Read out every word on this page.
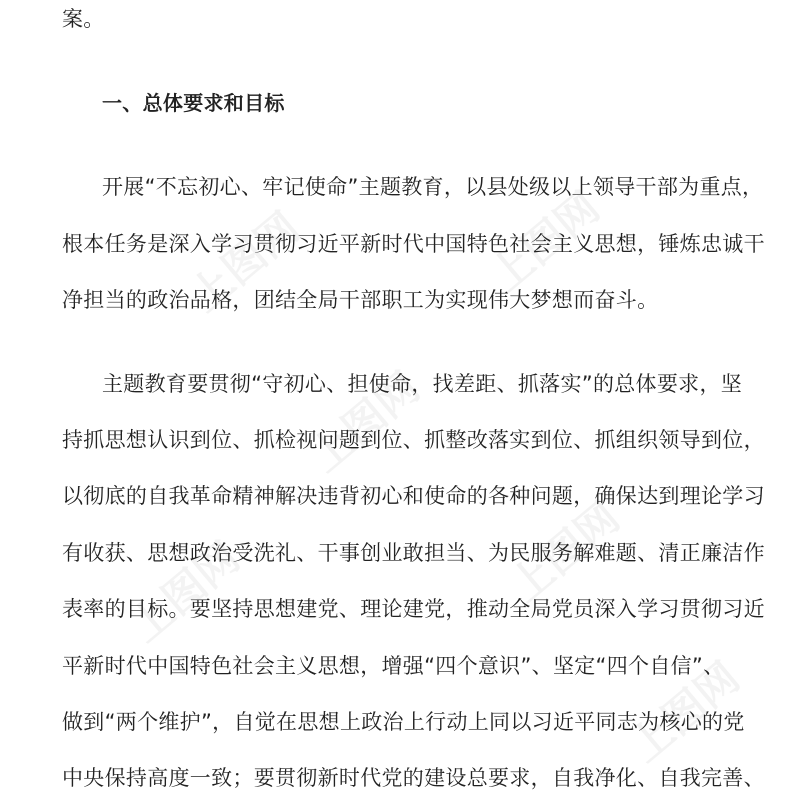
上图网	上图网
上图网
上图网	上图网
上图网
案。
一、总体要求和目标
开展“不忘初心、牢记使命”主题教育，以县处级以上领导干部为重点，
根本任务是深入学习贯彻习近平新时代中国特色社会主义思想，锤炼忠诚干
净担当的政治品格，团结全局干部职工为实现伟大梦想而奋斗。
主题教育要贯彻“守初心、担使命，找差距、抓落实”的总体要求，坚
持抓思想认识到位、抓检视问题到位、抓整改落实到位、抓组织领导到位，
以彻底的自我革命精神解决违背初心和使命的各种问题，确保达到理论学习
有收获、思想政治受洗礼、干事创业敢担当、为民服务解难题、清正廉洁作
表率的目标。要坚持思想建党、理论建党，推动全局党员深入学习贯彻习近
平新时代中国特色社会主义思想，增强“四个意识”、坚定“四个自信”、
做到“两个维护”，自觉在思想上政治上行动上同以习近平同志为核心的党
中央保持高度一致；要贯彻新时代党的建设总要求，自我净化、自我完善、
